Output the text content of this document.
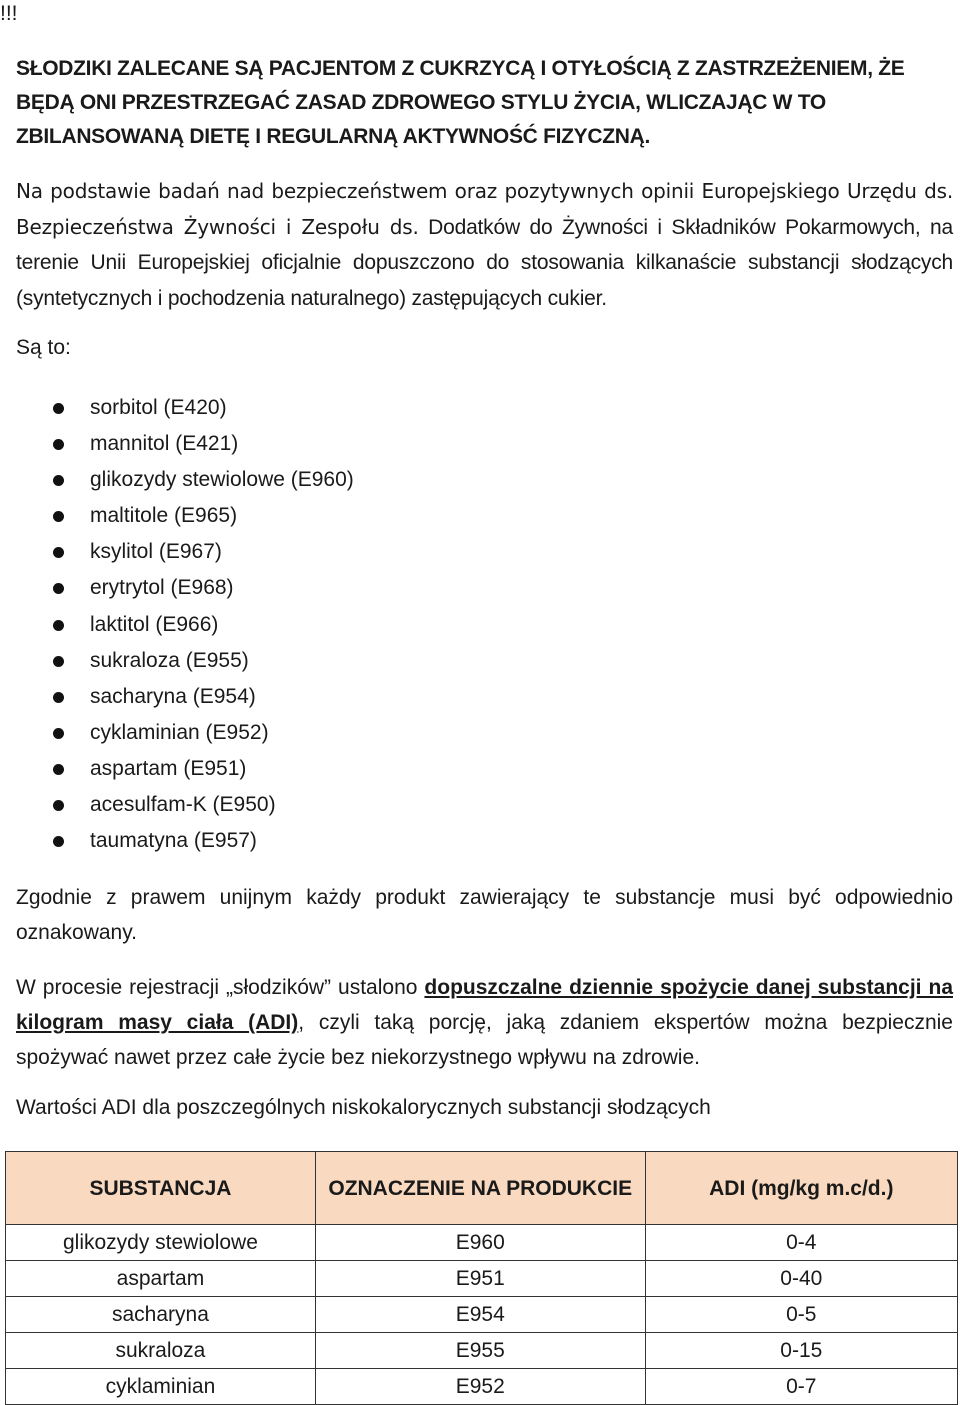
!!!
SŁODZIKI ZALECANE SĄ PACJENTOM Z CUKRZYCĄ I OTYŁOŚCIĄ Z ZASTRZEŻENIEM, ŻE BĘDĄ ONI PRZESTRZEGAĆ ZASAD ZDROWEGO STYLU ŻYCIA, WLICZAJĄC W TO ZBILANSOWANĄ DIETĘ I REGULARNĄ AKTYWNOŚĆ FIZYCZNĄ.
Na podstawie badań nad bezpieczeństwem oraz pozytywnych opinii Europejskiego Urzędu ds. Bezpieczeństwa Żywności i Zespołu ds. Dodatków do Żywności i Składników Pokarmowych, na terenie Unii Europejskiej oficjalnie dopuszczono do stosowania kilkanaście substancji słodzących (syntetycznych i pochodzenia naturalnego) zastępujących cukier.
Są to:
sorbitol (E420)
mannitol (E421)
glikozydy stewiolowe (E960)
maltitole (E965)
ksylitol (E967)
erytrytol (E968)
laktitol (E966)
sukraloza (E955)
sacharyna (E954)
cyklaminian (E952)
aspartam (E951)
acesulfam-K (E950)
taumatyna (E957)
Zgodnie z prawem unijnym każdy produkt zawierający te substancje musi być odpowiednio oznakowany.
W procesie rejestracji „słodzików” ustalono dopuszczalne dziennie spożycie danej substancji na kilogram masy ciała (ADI), czyli taką porcję, jaką zdaniem ekspertów można bezpiecznie spożywać nawet przez całe życie bez niekorzystnego wpływu na zdrowie.
Wartości ADI dla poszczególnych niskokalorycznych substancji słodzących
SUBSTANCJA	OZNACZENIE NA PRODUKCIE	ADI (mg/kg m.c/d.)
glikozydy stewiolowe	E960	0-4
aspartam	E951	0-40
sacharyna	E954	0-5
sukraloza	E955	0-15
cyklaminian	E952	0-7
